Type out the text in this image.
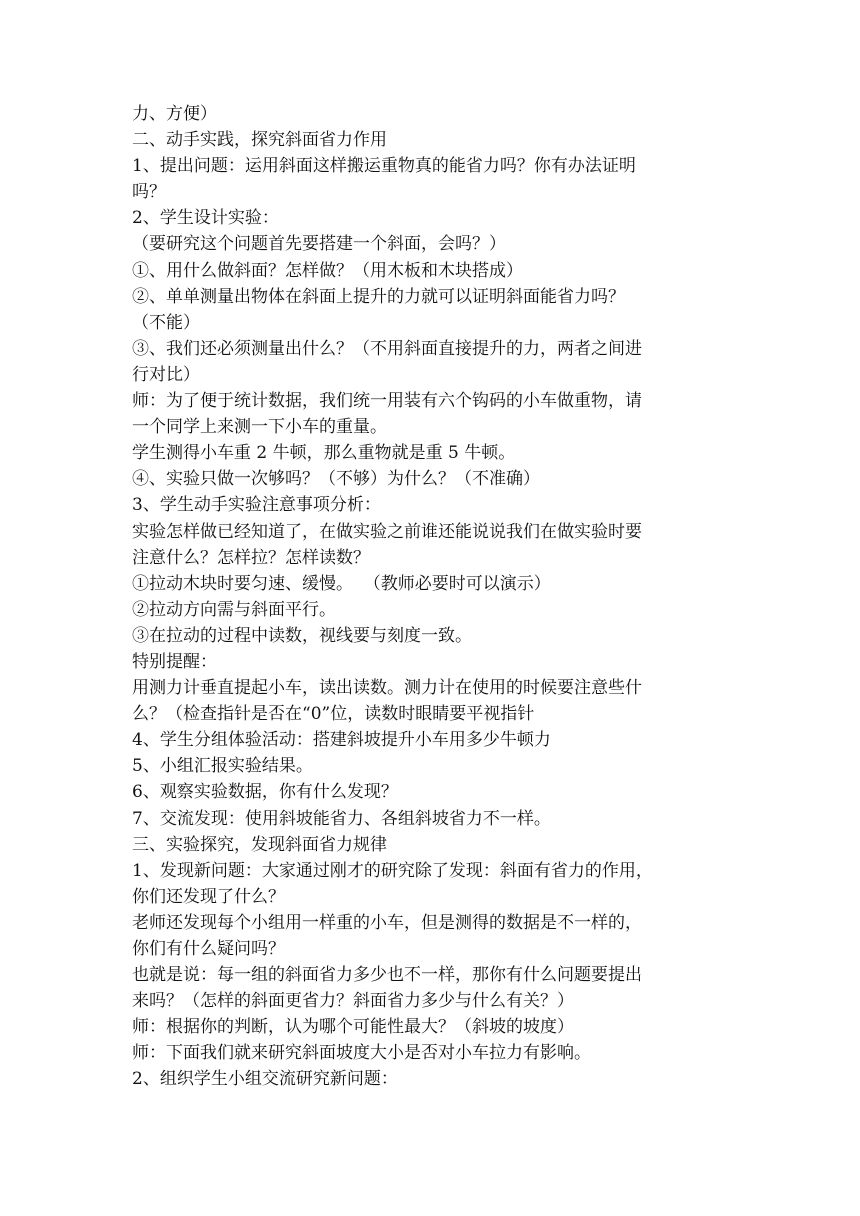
力、方便）
二、动手实践，探究斜面省力作用
1、提出问题：运用斜面这样搬运重物真的能省力吗？你有办法证明
吗？
2、学生设计实验：
（要研究这个问题首先要搭建一个斜面，会吗？）
①、用什么做斜面？怎样做？（用木板和木块搭成）
②、单单测量出物体在斜面上提升的力就可以证明斜面能省力吗？
（不能）
③、我们还必须测量出什么？（不用斜面直接提升的力，两者之间进
行对比）
师：为了便于统计数据，我们统一用装有六个钩码的小车做重物，请
一个同学上来测一下小车的重量。
学生测得小车重 2 牛顿，那么重物就是重 5 牛顿。
④、实验只做一次够吗？（不够）为什么？（不准确）
3、学生动手实验注意事项分析：
实验怎样做已经知道了，在做实验之前谁还能说说我们在做实验时要
注意什么？怎样拉？怎样读数？
①拉动木块时要匀速、缓慢。  （教师必要时可以演示）
②拉动方向需与斜面平行。
③在拉动的过程中读数，视线要与刻度一致。
特别提醒：
用测力计垂直提起小车，读出读数。测力计在使用的时候要注意些什
么？（检查指针是否在“0”位，读数时眼睛要平视指针
4、学生分组体验活动：搭建斜坡提升小车用多少牛顿力
5、小组汇报实验结果。
6、观察实验数据，你有什么发现？
7、交流发现：使用斜坡能省力、各组斜坡省力不一样。
三、实验探究，发现斜面省力规律
1、发现新问题：大家通过刚才的研究除了发现：斜面有省力的作用，
你们还发现了什么？
老师还发现每个小组用一样重的小车，但是测得的数据是不一样的，
你们有什么疑问吗？
也就是说：每一组的斜面省力多少也不一样，那你有什么问题要提出
来吗？（怎样的斜面更省力？斜面省力多少与什么有关？）
师：根据你的判断，认为哪个可能性最大？（斜坡的坡度）
师：下面我们就来研究斜面坡度大小是否对小车拉力有影响。
2、组织学生小组交流研究新问题：
